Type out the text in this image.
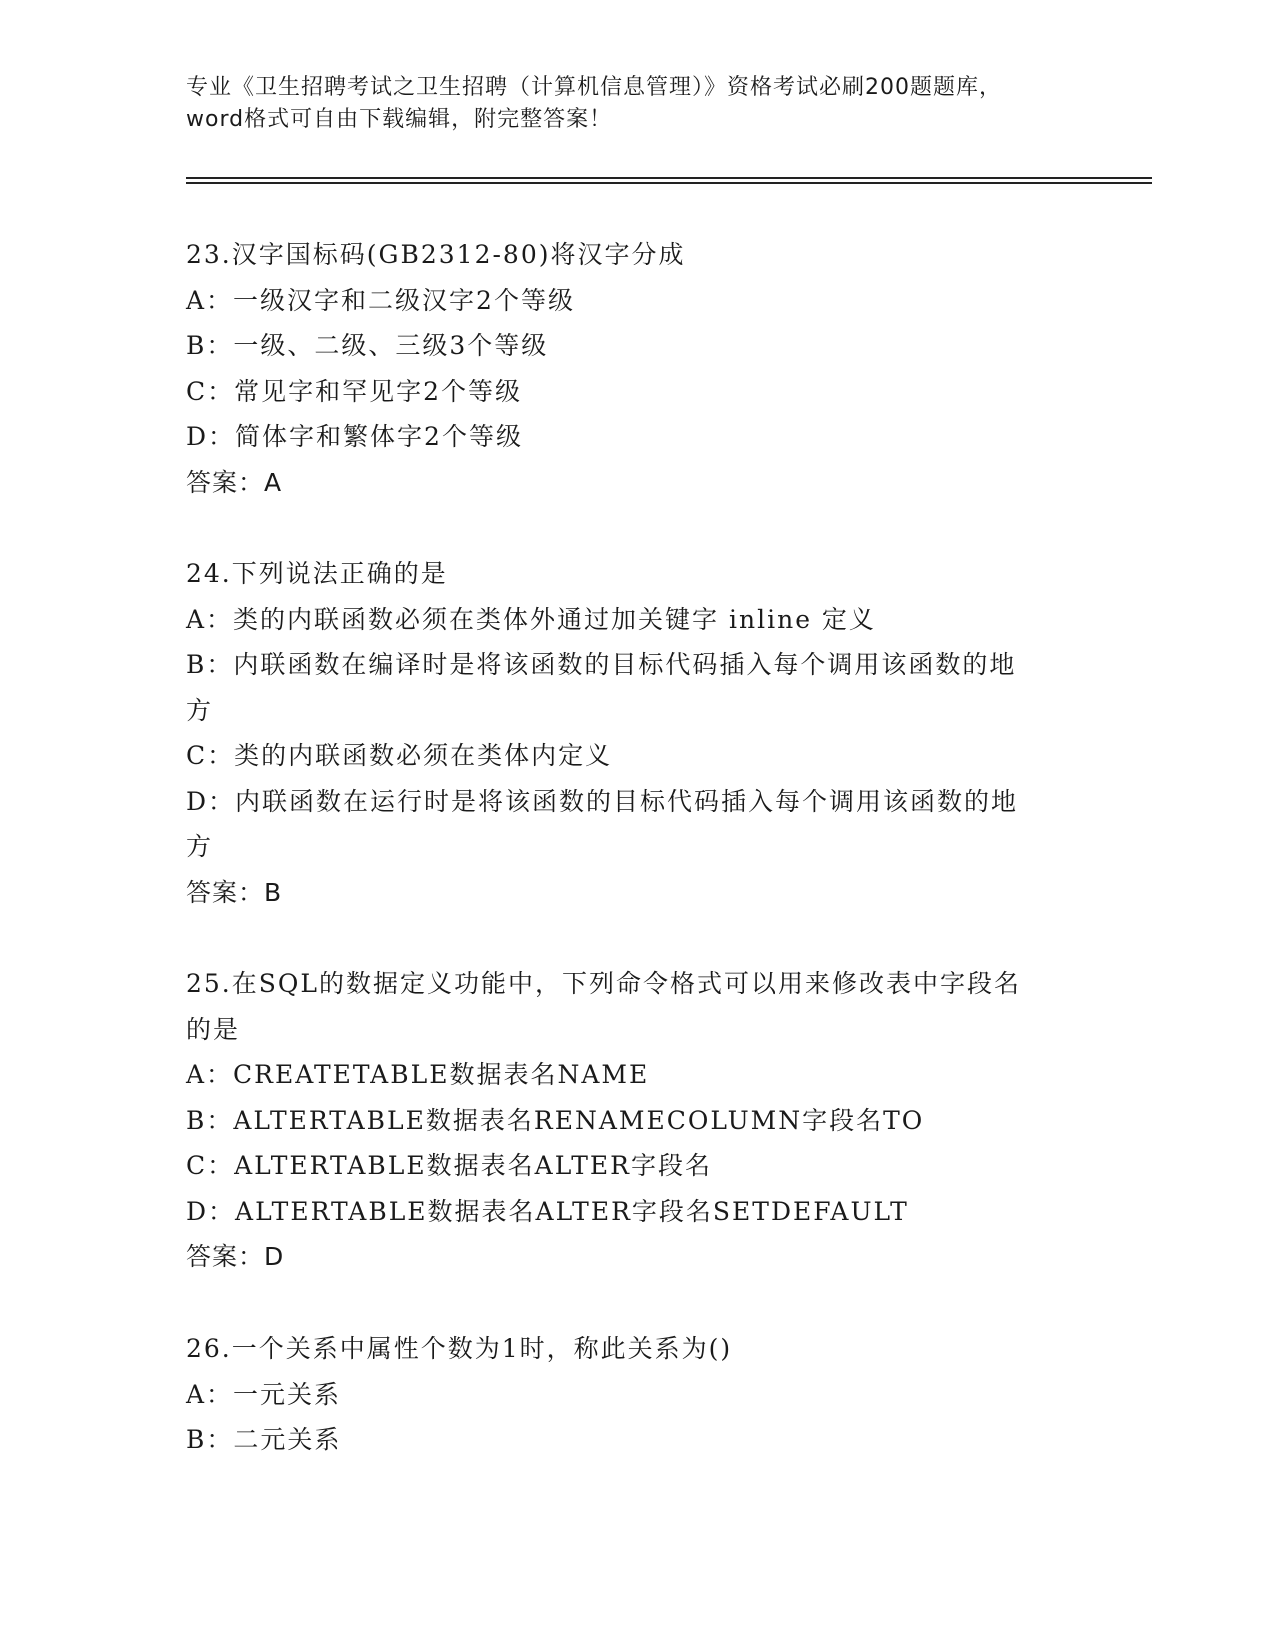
专业《卫生招聘考试之卫生招聘（计算机信息管理）》资格考试必刷200题题库，
word格式可自由下载编辑，附完整答案！
23.汉字国标码(GB2312-80)将汉字分成
A：一级汉字和二级汉字2个等级
B：一级、二级、三级3个等级
C：常见字和罕见字2个等级
D：简体字和繁体字2个等级
答案：A
24.下列说法正确的是
A：类的内联函数必须在类体外通过加关键字 inline 定义
B：内联函数在编译时是将该函数的目标代码插入每个调用该函数的地
方
C：类的内联函数必须在类体内定义
D：内联函数在运行时是将该函数的目标代码插入每个调用该函数的地
方
答案：B
25.在SQL的数据定义功能中，下列命令格式可以用来修改表中字段名
的是
A：CREATETABLE数据表名NAME
B：ALTERTABLE数据表名RENAMECOLUMN字段名TO
C：ALTERTABLE数据表名ALTER字段名
D：ALTERTABLE数据表名ALTER字段名SETDEFAULT
答案：D
26.一个关系中属性个数为1时，称此关系为()
A：一元关系
B：二元关系
